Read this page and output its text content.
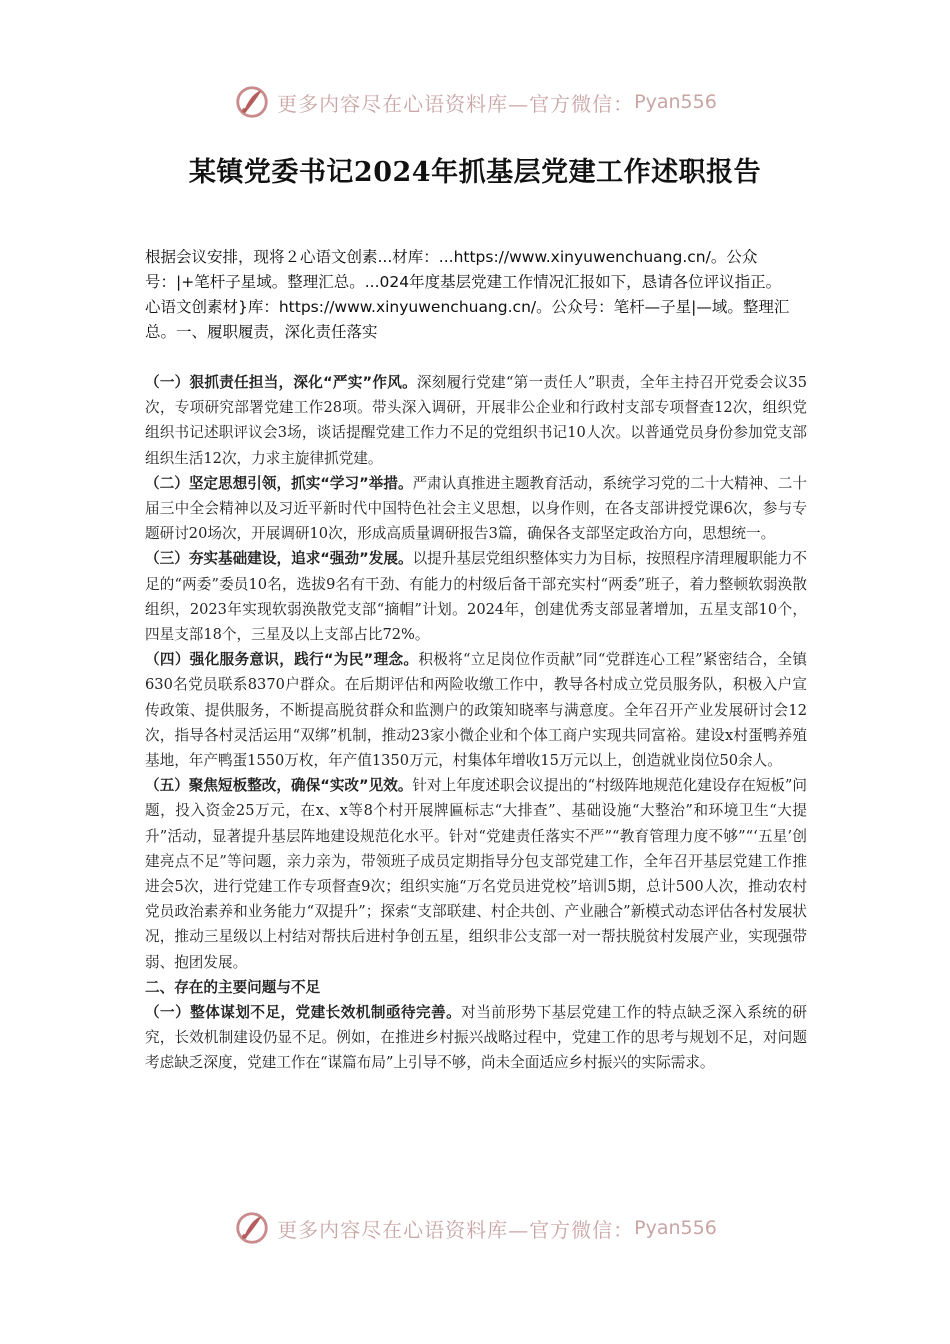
更多内容尽在心语资料库—官方微信： Pyan556
某镇党委书记2024年抓基层党建工作述职报告

根据会议安排，现将２心语文创素...材库：...https://www.xinyuwenchuang.cn/。公众号：|+笔杆子星域。整理汇总。...024年度基层党建工作情况汇报如下，恳请各位评议指正。

心语文创素材}库：https://www.xinyuwenchuang.cn/。公众号：笔杆—子星|—域。整理汇总。一、履职履责，深化责任落实

（一）狠抓责任担当，深化“严实”作风。深刻履行党建“第一责任人”职责，全年主持召开党委会议35次，专项研究部署党建工作28项。带头深入调研，开展非公企业和行政村支部专项督查12次，组织党组织书记述职评议会3场，谈话提醒党建工作力不足的党组织书记10人次。以普通党员身份参加党支部组织生活12次，力求主旋律抓党建。

（二）坚定思想引领，抓实“学习”举措。严肃认真推进主题教育活动，系统学习党的二十大精神、二十届三中全会精神以及习近平新时代中国特色社会主义思想，以身作则，在各支部讲授党课6次，参与专题研讨20场次，开展调研10次，形成高质量调研报告3篇，确保各支部坚定政治方向，思想统一。

（三）夯实基础建设，追求“强劲”发展。以提升基层党组织整体实力为目标，按照程序清理履职能力不足的“两委”委员10名，选拔9名有干劲、有能力的村级后备干部充实村“两委”班子，着力整顿软弱涣散组织，2023年实现软弱涣散党支部“摘帽”计划。2024年，创建优秀支部显著增加，五星支部10个，四星支部18个，三星及以上支部占比72%。

（四）强化服务意识，践行“为民”理念。积极将“立足岗位作贡献”同“党群连心工程”紧密结合，全镇630名党员联系8370户群众。在后期评估和两险收缴工作中，教导各村成立党员服务队，积极入户宣传政策、提供服务，不断提高脱贫群众和监测户的政策知晓率与满意度。全年召开产业发展研讨会12次，指导各村灵活运用“双绑”机制，推动23家小微企业和个体工商户实现共同富裕。建设x村蛋鸭养殖基地，年产鸭蛋1550万枚，年产值1350万元，村集体年增收15万元以上，创造就业岗位50余人。

（五）聚焦短板整改，确保“实改”见效。针对上年度述职会议提出的“村级阵地规范化建设存在短板”问题，投入资金25万元，在x、x等8个村开展牌匾标志“大排查”、基础设施“大整治”和环境卫生“大提升”活动，显著提升基层阵地建设规范化水平。针对“党建责任落实不严”“教育管理力度不够”“‘五星’创建亮点不足”等问题，亲力亲为，带领班子成员定期指导分包支部党建工作，全年召开基层党建工作推进会5次，进行党建工作专项督查9次；组织实施“万名党员进党校”培训5期，总计500人次，推动农村党员政治素养和业务能力“双提升”；探索“支部联建、村企共创、产业融合”新模式动态评估各村发展状况，推动三星级以上村结对帮扶后进村争创五星，组织非公支部一对一帮扶脱贫村发展产业，实现强带弱、抱团发展。

二、存在的主要问题与不足

（一）整体谋划不足，党建长效机制亟待完善。对当前形势下基层党建工作的特点缺乏深入系统的研究，长效机制建设仍显不足。例如，在推进乡村振兴战略过程中，党建工作的思考与规划不足，对问题考虑缺乏深度，党建工作在“谋篇布局”上引导不够，尚未全面适应乡村振兴的实际需求。

更多内容尽在心语资料库—官方微信： Pyan556
